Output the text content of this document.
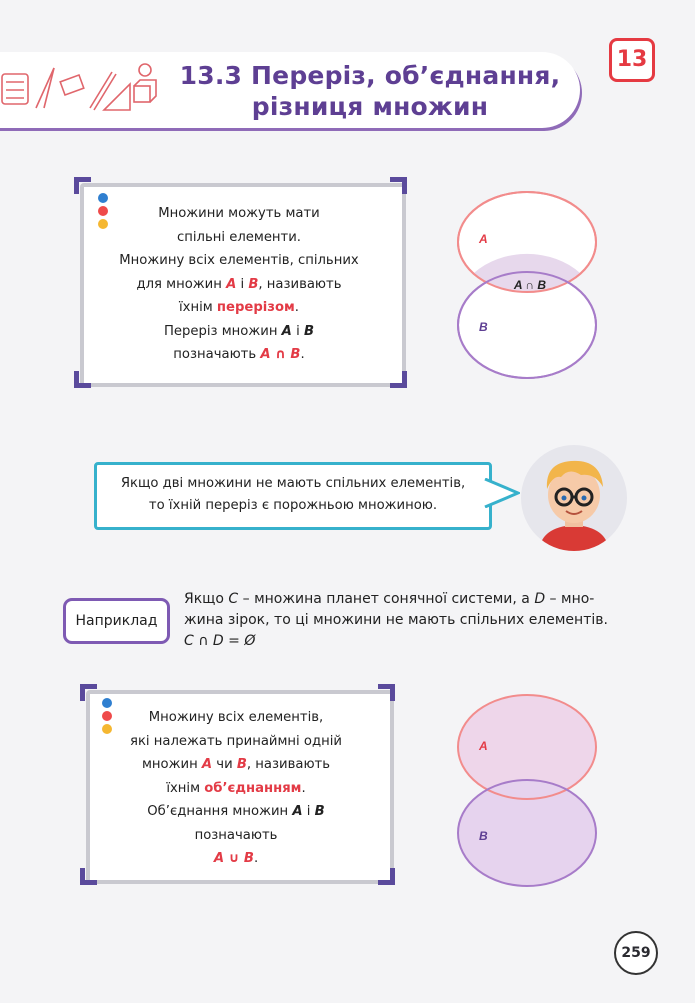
13.3 Переріз, об’єднання,
різниця множин
13
Множини можуть мати
спільні елементи.
Множину всіх елементів, спільних
для множин A і B, називають
їхнім перерізом.
Переріз множин A і B
позначають A ∩ B.
A
B
A ∩ B
Якщо дві множини не мають спільних елементів,
то їхній переріз є порожньою множиною.
Наприклад
Якщо C – множина планет сонячної системи, а D – мно-
жина зірок, то ці множини не мають спільних елементів.
C ∩ D = Ø
Множину всіх елементів,
які належать принаймні одній
множин A чи B, називають
їхнім об’єднанням.
Об’єднання множин A і B
позначають
A ∪ B.
A
B
259
